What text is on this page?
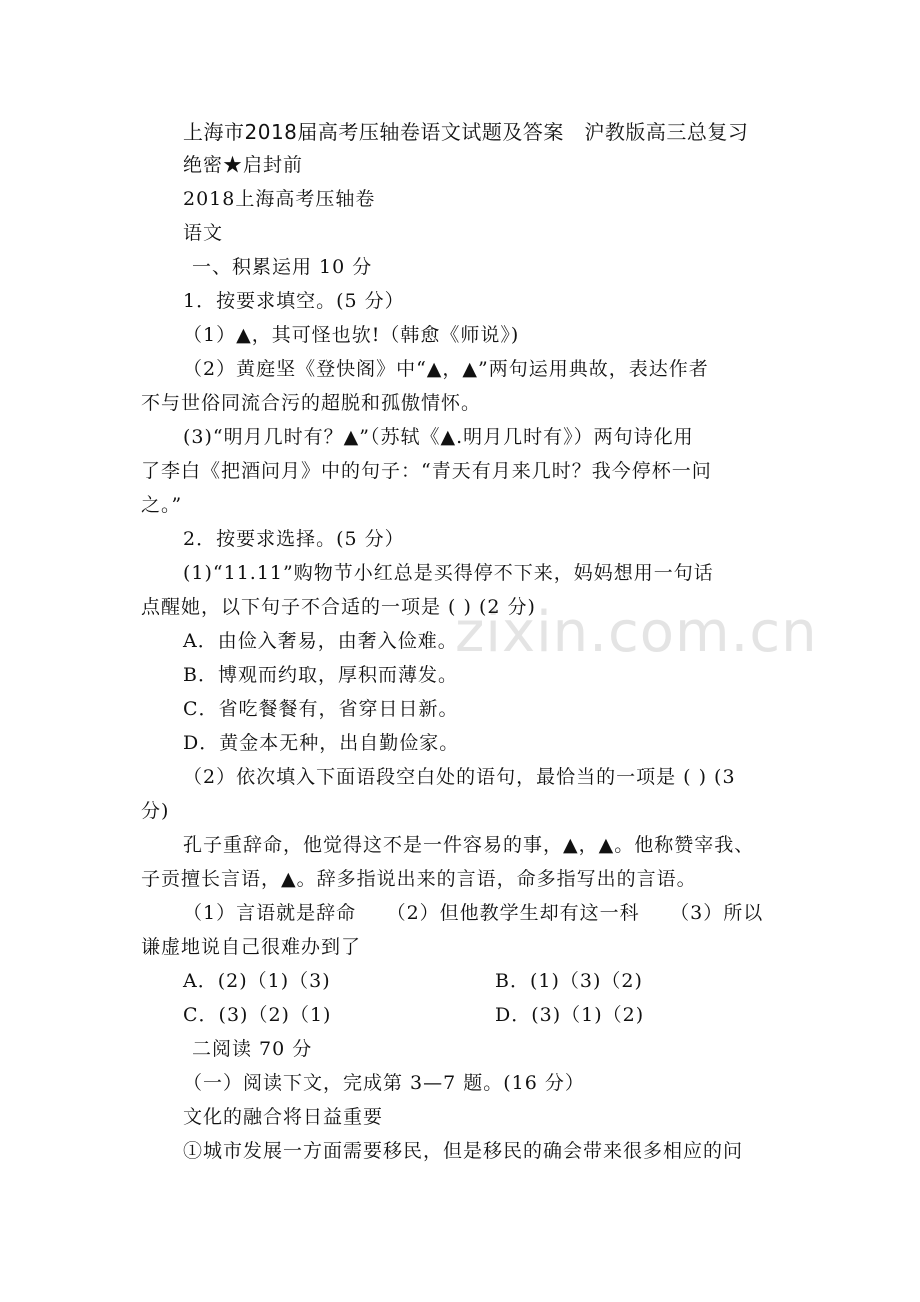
zixin.com.cn
上海市2018届高考压轴卷语文试题及答案　沪教版高三总复习
绝密★启封前
2018上海高考压轴卷
语文
一、积累运用 10 分
1．按要求填空。(5 分）
（1）▲，其可怪也欤!（韩愈《师说》)
（2）黄庭坚《登快阁》中“▲，▲”两句运用典故，表达作者
不与世俗同流合污的超脱和孤傲情怀。
(3)“明月几时有？▲”（苏轼《▲.明月几时有》）两句诗化用
了李白《把酒问月》中的句子：“青天有月来几时？我今停杯一问
之。”
2．按要求选择。(5 分）
(1)“11.11”购物节小红总是买得停不下来，妈妈想用一句话
点醒她，以下句子不合适的一项是 ( ) (2 分)
A．由俭入奢易，由奢入俭难。
B．博观而约取，厚积而薄发。
C．省吃餐餐有，省穿日日新。
D．黄金本无种，出自勤俭家。
（2）依次填入下面语段空白处的语句，最恰当的一项是 ( ) (3
分)
孔子重辞命，他觉得这不是一件容易的事，▲，▲。他称赞宰我、
子贡擅长言语，▲。辞多指说出来的言语，命多指写出的言语。
（1）言语就是辞命　　（2）但他教学生却有这一科　　（3）所以
谦虚地说自己很难办到了
A．(2)（1)（3)	B．(1)（3)（2)
C．(3)（2)（1)	D．(3)（1)（2)
二阅读 70 分
（一）阅读下文，完成第 3—7 题。(16 分）
文化的融合将日益重要
①城市发展一方面需要移民，但是移民的确会带来很多相应的问
